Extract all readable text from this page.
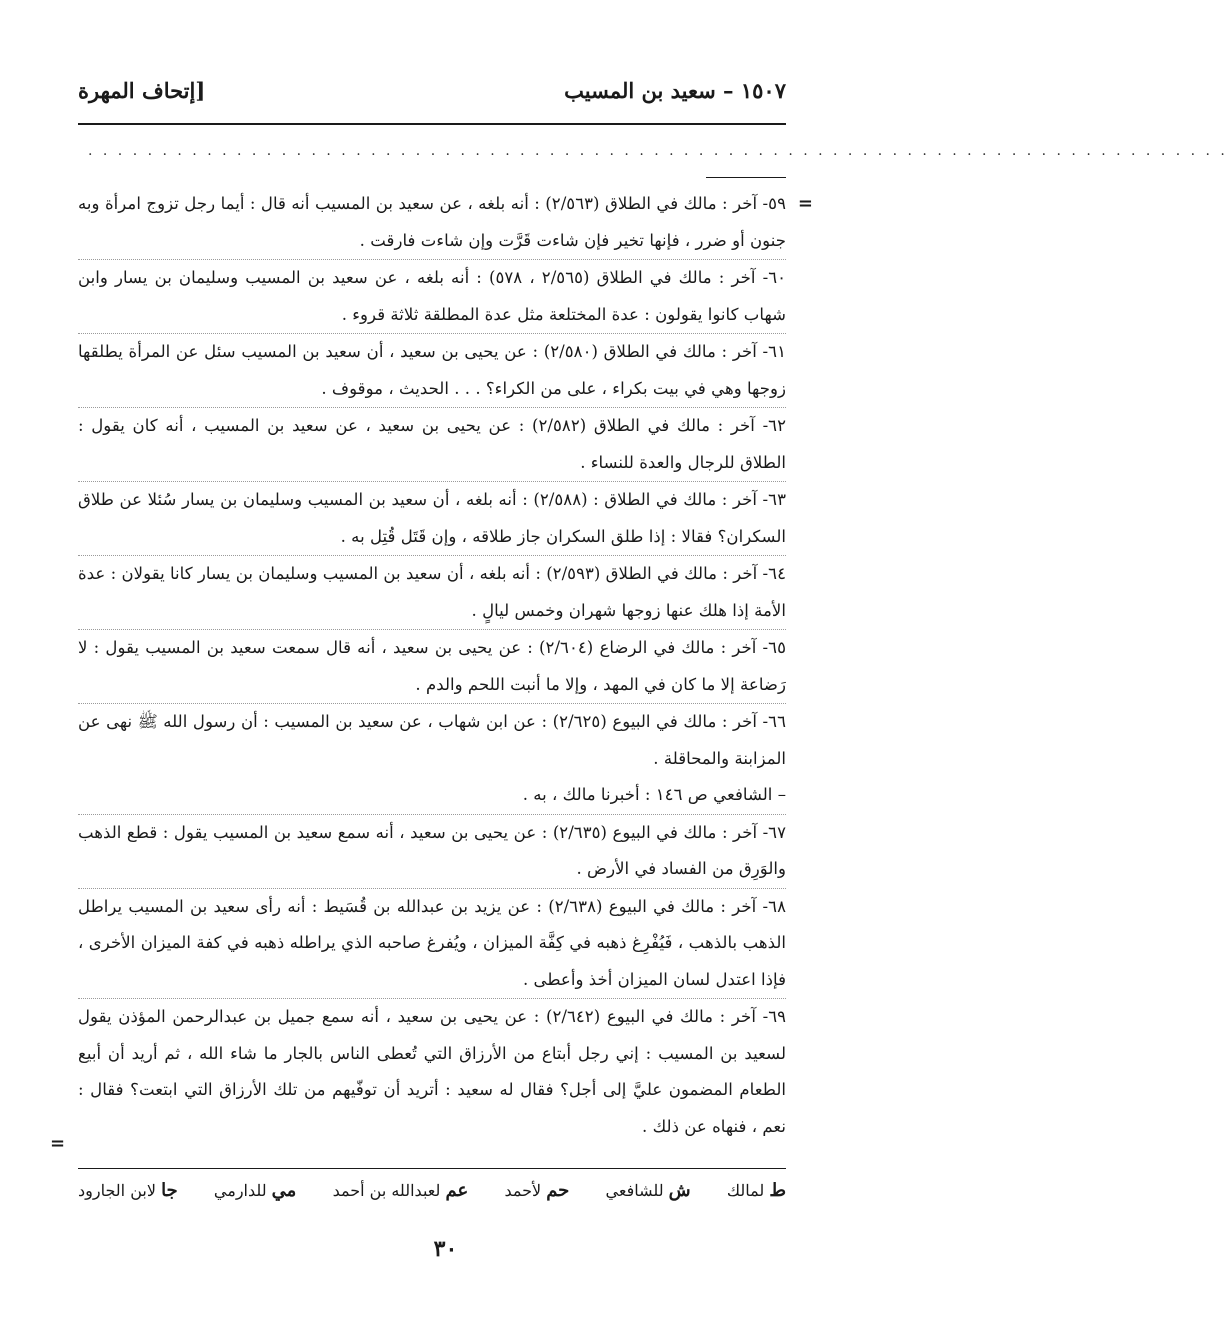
١٥٠٧ – سعيد بن المسيب
[إتحاف المهرة
. . . . . . . . . . . . . . . . . . . . . . . . . . . . . . . . . . . . . . . . . . . . . . . . . . . . . . . . . . . . . . . . . . . . . . . . . . . . .
=
=

٥٩- آخر : مالك في الطلاق (٢/٥٦٣) : أنه بلغه ، عن سعيد بن المسيب أنه قال : أيما رجل تزوج امرأة وبه جنون أو ضرر ، فإنها تخير فإن شاءت قَرَّت وإن شاءت فارقت .

٦٠- آخر : مالك في الطلاق (٢/٥٦٥ ، ٥٧٨) : أنه بلغه ، عن سعيد بن المسيب وسليمان بن يسار وابن شهاب كانوا يقولون : عدة المختلعة مثل عدة المطلقة ثلاثة قروء .

٦١- آخر : مالك في الطلاق (٢/٥٨٠) : عن يحيى بن سعيد ، أن سعيد بن المسيب سئل عن المرأة يطلقها زوجها وهي في بيت بكراء ، على من الكراء؟ . . . الحديث ، موقوف .

٦٢- آخر : مالك في الطلاق (٢/٥٨٢) : عن يحيى بن سعيد ، عن سعيد بن المسيب ، أنه كان يقول : الطلاق للرجال والعدة للنساء .

٦٣- آخر : مالك في الطلاق : (٢/٥٨٨) : أنه بلغه ، أن سعيد بن المسيب وسليمان بن يسار سُئلا عن طلاق السكران؟ فقالا : إذا طلق السكران جاز طلاقه ، وإن قَتَل قُتِل به .

٦٤- آخر : مالك في الطلاق (٢/٥٩٣) : أنه بلغه ، أن سعيد بن المسيب وسليمان بن يسار كانا يقولان : عدة الأمة إذا هلك عنها زوجها شهران وخمس ليالٍ .

٦٥- آخر : مالك في الرضاع (٢/٦٠٤) : عن يحيى بن سعيد ، أنه قال سمعت سعيد بن المسيب يقول : لا رَضاعة إلا ما كان في المهد ، وإلا ما أنبت اللحم والدم .

٦٦- آخر : مالك في البيوع (٢/٦٢٥) : عن ابن شهاب ، عن سعيد بن المسيب : أن رسول الله ﷺ نهى عن المزابنة والمحاقلة .

– الشافعي ص ١٤٦ : أخبرنا مالك ، به .

٦٧- آخر : مالك في البيوع (٢/٦٣٥) : عن يحيى بن سعيد ، أنه سمع سعيد بن المسيب يقول : قطع الذهب والوَرِق من الفساد في الأرض .

٦٨- آخر : مالك في البيوع (٢/٦٣٨) : عن يزيد بن عبدالله بن قُسَيط : أنه رأى سعيد بن المسيب يراطل الذهب بالذهب ، فَيُفْرِغ ذهبه في كِفَّة الميزان ، ويُفرغ صاحبه الذي يراطله ذهبه في كفة الميزان الأخرى ، فإذا اعتدل لسان الميزان أخذ وأعطى .

٦٩- آخر : مالك في البيوع (٢/٦٤٢) : عن يحيى بن سعيد ، أنه سمع جميل بن عبدالرحمن المؤذن يقول لسعيد بن المسيب : إني رجل أبتاع من الأرزاق التي تُعطى الناس بالجار ما شاء الله ، ثم أريد أن أبيع الطعام المضمون عليَّ إلى أجل؟ فقال له سعيد : أتريد أن توفّيهم من تلك الأرزاق التي ابتعت؟ فقال : نعم ، فنهاه عن ذلك .

ط لمالك
ش للشافعي
حم لأحمد
عم لعبدالله بن أحمد
مي للدارمي
جا لابن الجارود
٣٠
